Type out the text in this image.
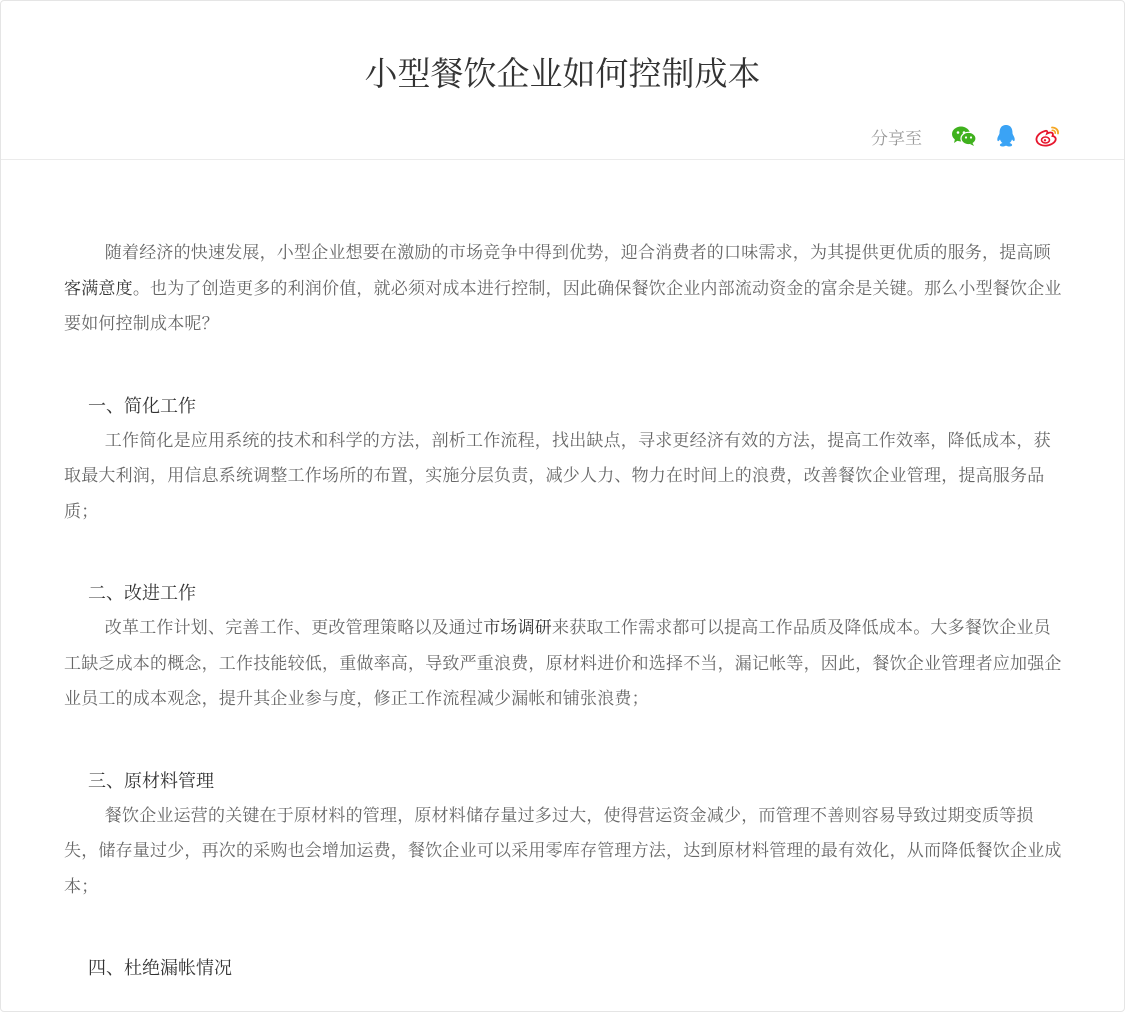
小型餐饮企业如何控制成本
分享至

随着经济的快速发展，小型企业想要在激励的市场竞争中得到优势，迎合消费者的口味需求，为其提供更优质的服务，提高顾客满意度。也为了创造更多的利润价值，就必须对成本进行控制，因此确保餐饮企业内部流动资金的富余是关键。那么小型餐饮企业要如何控制成本呢？

一、简化工作

工作简化是应用系统的技术和科学的方法，剖析工作流程，找出缺点，寻求更经济有效的方法，提高工作效率，降低成本，获取最大利润，用信息系统调整工作场所的布置，实施分层负责，减少人力、物力在时间上的浪费，改善餐饮企业管理，提高服务品质；

二、改进工作

改革工作计划、完善工作、更改管理策略以及通过市场调研来获取工作需求都可以提高工作品质及降低成本。大多餐饮企业员工缺乏成本的概念，工作技能较低，重做率高，导致严重浪费，原材料进价和选择不当，漏记帐等，因此，餐饮企业管理者应加强企业员工的成本观念，提升其企业参与度，修正工作流程减少漏帐和铺张浪费；

三、原材料管理

餐饮企业运营的关键在于原材料的管理，原材料储存量过多过大，使得营运资金减少，而管理不善则容易导致过期变质等损失，储存量过少，再次的采购也会增加运费，餐饮企业可以采用零库存管理方法，达到原材料管理的最有效化，从而降低餐饮企业成本；

四、杜绝漏帐情况
